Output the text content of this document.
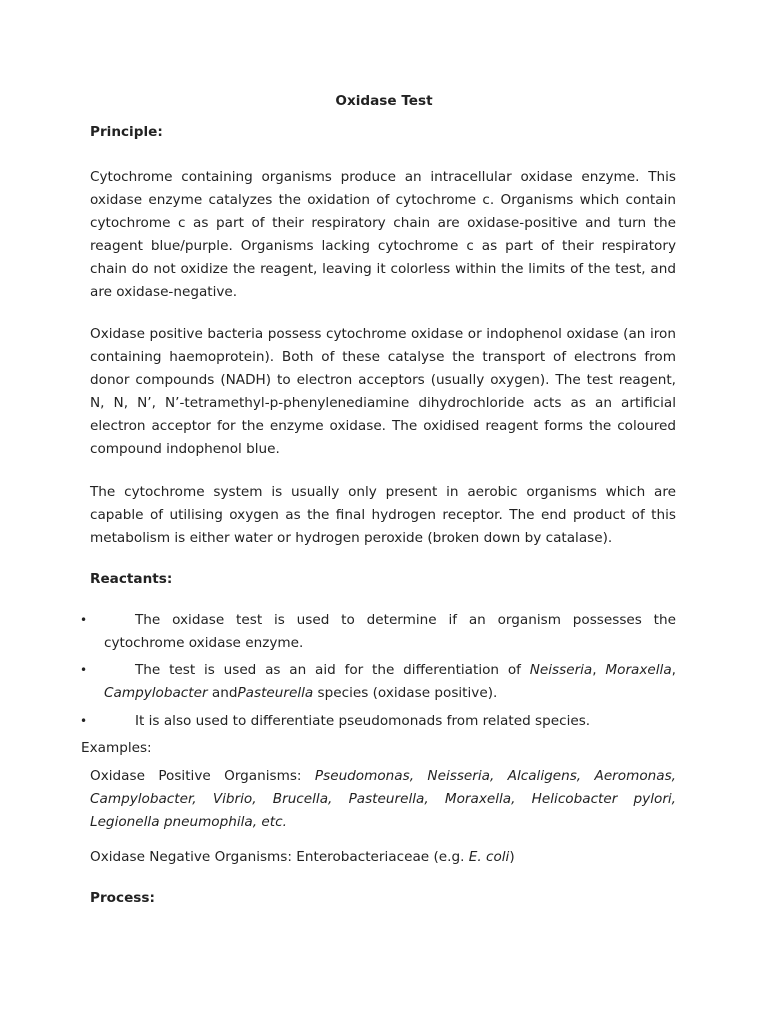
Oxidase Test
Principle:
Cytochrome containing organisms produce an intracellular oxidase enzyme. This oxidase enzyme catalyzes the oxidation of cytochrome c. Organisms which contain cytochrome c as part of their respiratory chain are oxidase-positive and turn the reagent blue/purple. Organisms lacking cytochrome c as part of their respiratory chain do not oxidize the reagent, leaving it colorless within the limits of the test, and are oxidase-negative.
Oxidase positive bacteria possess cytochrome oxidase or indophenol oxidase (an iron containing haemoprotein). Both of these catalyse the transport of electrons from donor compounds (NADH) to electron acceptors (usually oxygen). The test reagent, N, N, N’, N’-tetramethyl-p-phenylenediamine dihydrochloride acts as an artificial electron acceptor for the enzyme oxidase. The oxidised reagent forms the coloured compound indophenol blue.
The cytochrome system is usually only present in aerobic organisms which are capable of utilising oxygen as the final hydrogen receptor. The end product of this metabolism is either water or hydrogen peroxide (broken down by catalase).
Reactants:
•	The oxidase test is used to determine if an organism possesses the cytochrome oxidase enzyme.
•	The test is used as an aid for the differentiation of Neisseria, Moraxella, Campylobacter andPasteurella species (oxidase positive).
•	It is also used to differentiate pseudomonads from related species.
Examples:
Oxidase Positive Organisms: Pseudomonas, Neisseria, Alcaligens, Aeromonas, Campylobacter, Vibrio, Brucella, Pasteurella, Moraxella, Helicobacter pylori, Legionella pneumophila, etc.
Oxidase Negative Organisms: Enterobacteriaceae (e.g. E. coli)
Process:
